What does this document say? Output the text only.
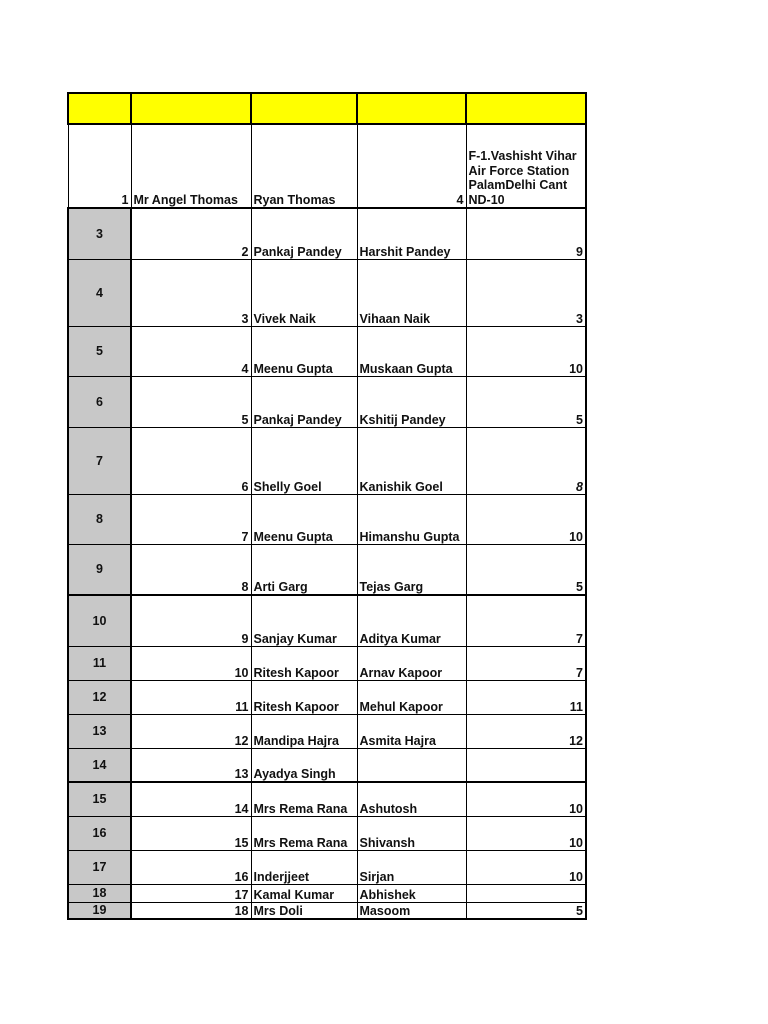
1	Mr Angel Thomas	Ryan Thomas	4	F-1.Vashisht Vihar Air Force Station PalamDelhi Cant ND-10
3	2	Pankaj Pandey	Harshit Pandey	9
4	3	Vivek Naik	Vihaan Naik	3
5	4	Meenu Gupta	Muskaan Gupta	10
6	5	Pankaj Pandey	Kshitij Pandey	5
7	6	Shelly Goel	Kanishik Goel	8
8	7	Meenu Gupta	Himanshu Gupta	10
9	8	Arti Garg	Tejas Garg	5
10	9	Sanjay Kumar	Aditya Kumar	7
11	10	Ritesh Kapoor	Arnav Kapoor	7
12	11	Ritesh Kapoor	Mehul Kapoor	11
13	12	Mandipa Hajra	Asmita Hajra	12
14	13	Ayadya Singh		
15	14	Mrs Rema Rana	Ashutosh	10
16	15	Mrs Rema Rana	Shivansh	10
17	16	Inderjjeet	Sirjan	10
18	17	Kamal Kumar	Abhishek	
19	18	Mrs Doli	Masoom	5
